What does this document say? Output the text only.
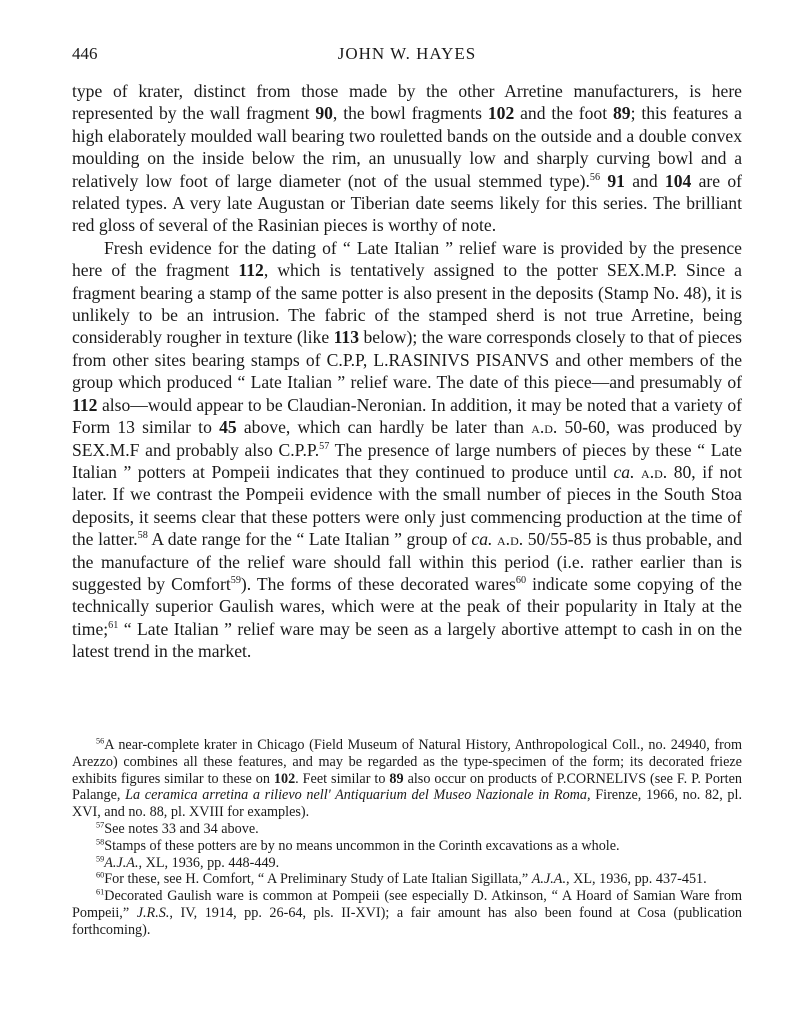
446	JOHN W. HAYES

type of krater, distinct from those made by the other Arretine manufacturers, is here represented by the wall fragment 90, the bowl fragments 102 and the foot 89; this features a high elaborately moulded wall bearing two rouletted bands on the outside and a double convex moulding on the inside below the rim, an unusually low and sharply curving bowl and a relatively low foot of large diameter (not of the usual stemmed type).$^{56}$ 91 and 104 are of related types. A very late Augustan or Tiberian date seems likely for this series. The brilliant red gloss of several of the Rasinian pieces is worthy of note.

Fresh evidence for the dating of “ Late Italian ” relief ware is provided by the presence here of the fragment 112, which is tentatively assigned to the potter SEX.M.P. Since a fragment bearing a stamp of the same potter is also present in the deposits (Stamp No. 48), it is unlikely to be an intrusion. The fabric of the stamped sherd is not true Arretine, being considerably rougher in texture (like 113 below); the ware corresponds closely to that of pieces from other sites bearing stamps of C.P.P, L.RASINIVS PISANVS and other members of the group which produced “ Late Italian ” relief ware. The date of this piece—and presumably of 112 also—would appear to be Claudian-Neronian. In addition, it may be noted that a variety of Form 13 similar to 45 above, which can hardly be later than a.d. 50-60, was produced by SEX.M.F and probably also C.P.P.$^{57}$ The presence of large numbers of pieces by these “ Late Italian ” potters at Pompeii indicates that they continued to produce until ca. a.d. 80, if not later. If we contrast the Pompeii evidence with the small number of pieces in the South Stoa deposits, it seems clear that these potters were only just commencing production at the time of the latter.$^{58}$ A date range for the “ Late Italian ” group of ca. a.d. 50/55-85 is thus probable, and the manufacture of the relief ware should fall within this period (i.e. rather earlier than is suggested by Comfort$^{59}$). The forms of these decorated wares$^{60}$ indicate some copying of the technically superior Gaulish wares, which were at the peak of their popularity in Italy at the time;$^{61}$ “ Late Italian ” relief ware may be seen as a largely abortive attempt to cash in on the latest trend in the market.

$^{56}$A near-complete krater in Chicago (Field Museum of Natural History, Anthropological Coll., no. 24940, from Arezzo) combines all these features, and may be regarded as the type-specimen of the form; its decorated frieze exhibits figures similar to these on 102. Feet similar to 89 also occur on products of P.CORNELIVS (see F. P. Porten Palange, La ceramica arretina a rilievo nell' Antiquarium del Museo Nazionale in Roma, Firenze, 1966, no. 82, pl. XVI, and no. 88, pl. XVIII for examples).

$^{57}$See notes 33 and 34 above.

$^{58}$Stamps of these potters are by no means uncommon in the Corinth excavations as a whole.

$^{59}$A.J.A., XL, 1936, pp. 448-449.

$^{60}$For these, see H. Comfort, “ A Preliminary Study of Late Italian Sigillata,” A.J.A., XL, 1936, pp. 437-451.

$^{61}$Decorated Gaulish ware is common at Pompeii (see especially D. Atkinson, “ A Hoard of Samian Ware from Pompeii,” J.R.S., IV, 1914, pp. 26-64, pls. II-XVI); a fair amount has also been found at Cosa (publication forthcoming).
